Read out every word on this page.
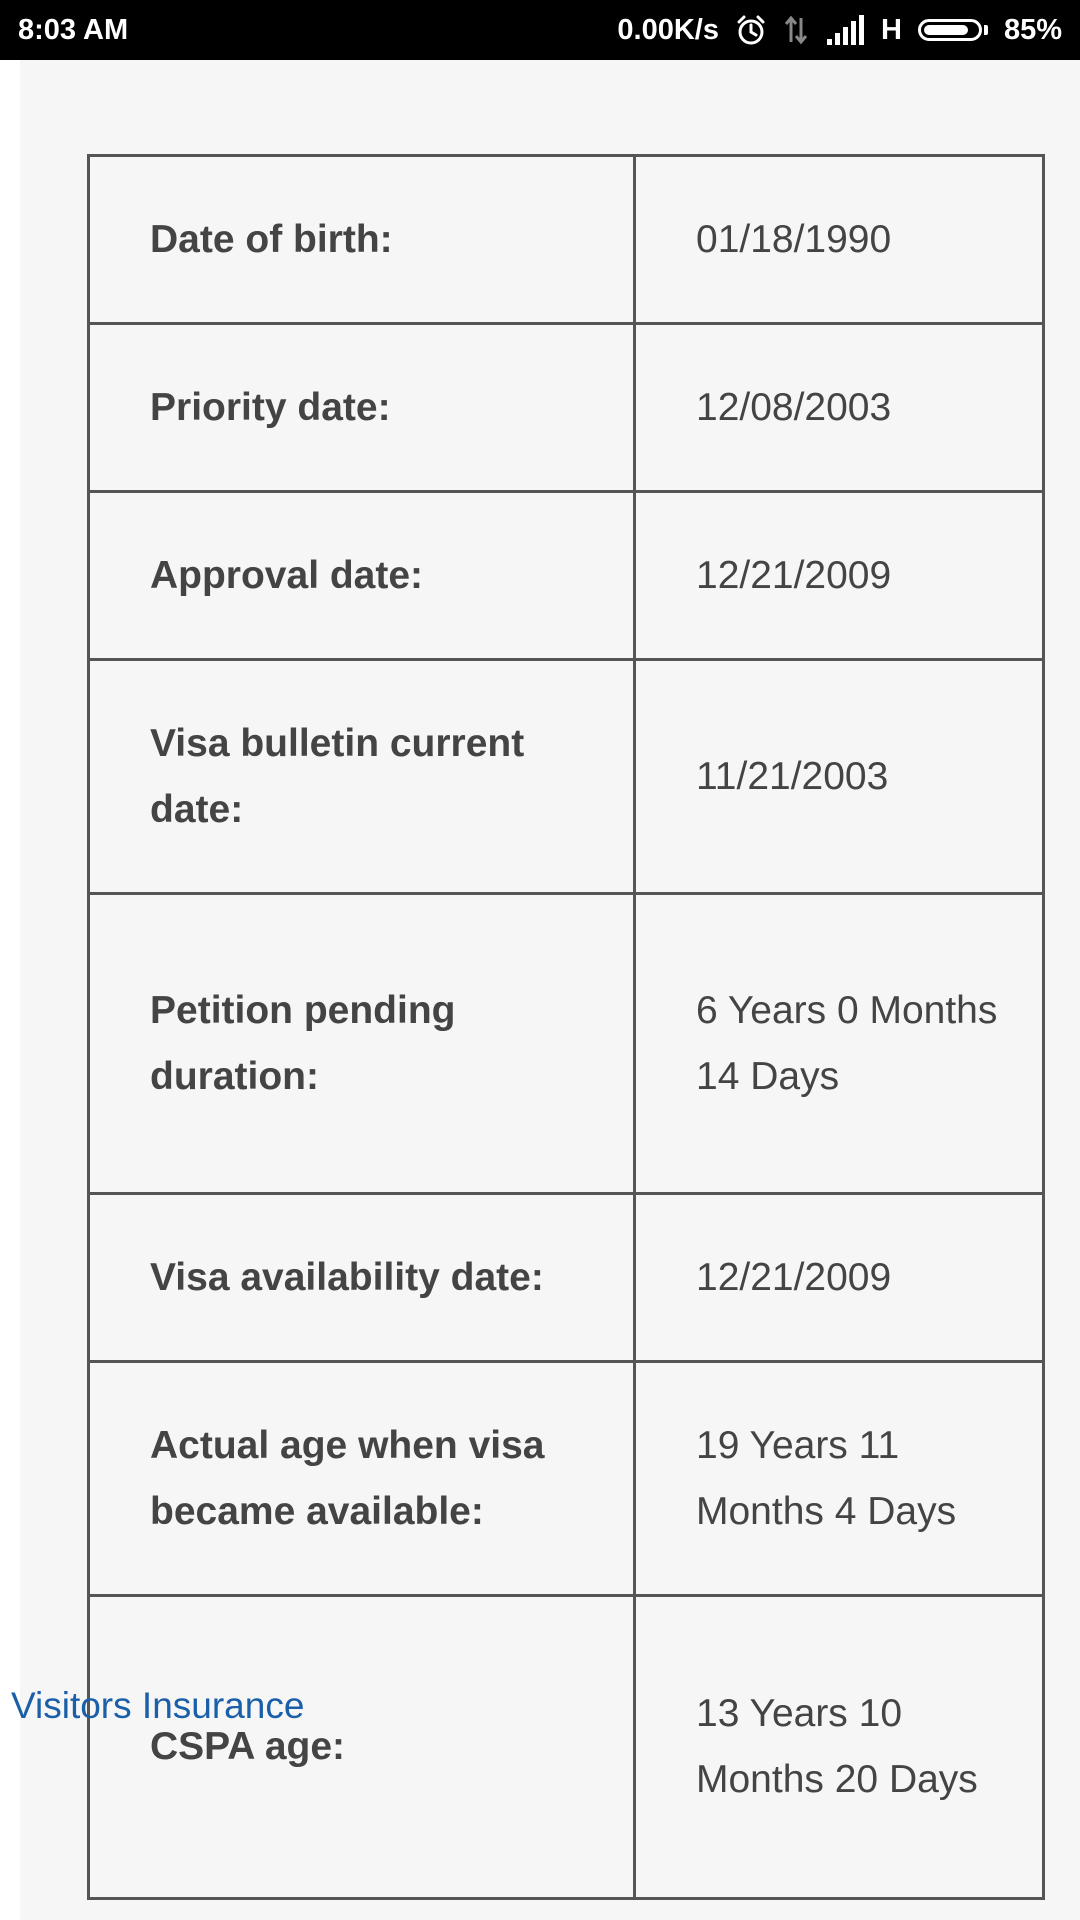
8:03 AM	0.00K/s	H	85%
Date of birth:	01/18/1990
Priority date:	12/08/2003
Approval date:	12/21/2009
Visa bulletin current date:
11/21/2003
Petition pending duration:
6 Years 0 Months 14 Days
Visa availability date:	12/21/2009
Actual age when visa became available:
19 Years 11 Months 4 Days
CSPA age:
13 Years 10 Months 20 Days
Visitors Insurance
